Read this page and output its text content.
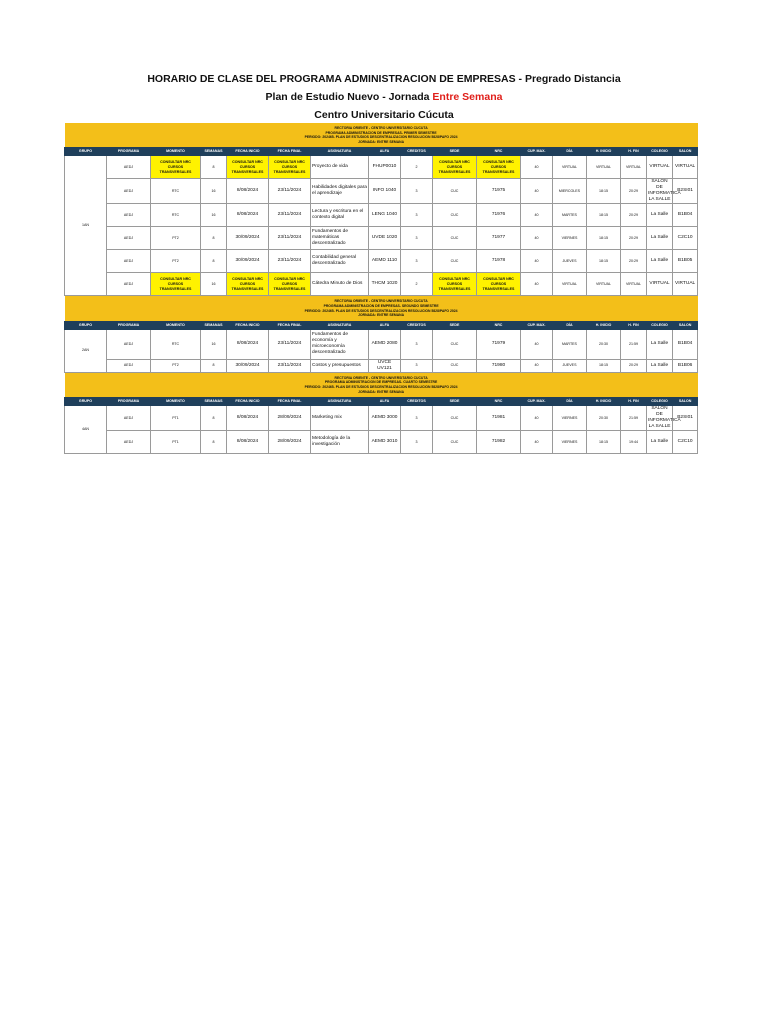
HORARIO DE CLASE DEL PROGRAMA ADMINISTRACION DE EMPRESAS - Pregrado Distancia
Plan de Estudio Nuevo - Jornada Entre Semana
Centro Universitario Cúcuta
RECTORIA ORIENTE - CENTRO UNIVERSITARIO CUCUTA
PROGRAMA ADMINISTRACION DE EMPRESAS- PRIMER SEMESTRE
PERIODO: 202465- PLAN DE ESTUDIOS DESCENTRALIZACION RESOLUCION 5828/PAFO 2024
JORNADA: ENTRE SEMANA																

GRUPO	PROGRAMA	MOMENTO	SEMANAS	FECHA INICIO	FECHA FINAL	ASIGNATURA	ALFA	CREDITOS	SEDE	NRC	CUP. MAX.	DÍA	H. INICIO	H. FIN	COLEGIO	SALON
1AN	AEDJ	CONSULTAR NRC CURSOS TRANSVERSALES	8	CONSULTAR NRC CURSOS TRANSVERSALES	CONSULTAR NRC CURSOS TRANSVERSALES	Proyecto de vida	FHUP0010	2	CONSULTAR NRC CURSOS TRANSVERSALES	CONSULTAR NRC CURSOS TRANSVERSALES	40	VIRTUAL	VIRTUAL	VIRTUAL	VIRTUAL	VIRTUAL
	AEDJ	RTC	16	8/08/2024	23/11/2024	Habilidades digitales para el aprendizaje	INFO 1040	3	CUC	71975	40	MIERCOLES	18:15	20:29	SALON DE INFORMATICA LA SALLE	B2SI01
	AEDJ	RTC	16	8/08/2024	23/11/2024	Lectura y escritura en el contexto digital	LENG 1040	3	CUC	71976	40	MARTES	18:15	20:29	La Salle	B1B04
	AEDJ	PT2	8	30/09/2024	23/11/2024	Fundamentos de matemáticas descentralizado	UVDE 1020	3	CUC	71977	40	VIERNES	18:15	20:29	La Salle	C2C10
	AEDJ	PT2	8	30/09/2024	23/11/2024	Contabilidad general descentralizado	AEMD 1110	3	CUC	71978	40	JUEVES	18:15	20:29	La Salle	B1B05
	AEDJ	CONSULTAR NRC CURSOS TRANSVERSALES	16	CONSULTAR NRC CURSOS TRANSVERSALES	CONSULTAR NRC CURSOS TRANSVERSALES	Cátedra Minuto de Dios	THCM 1020	2	CONSULTAR NRC CURSOS TRANSVERSALES	CONSULTAR NRC CURSOS TRANSVERSALES	40	VIRTUAL	VIRTUAL	VIRTUAL	VIRTUAL	VIRTUAL

RECTORIA ORIENTE - CENTRO UNIVERSITARIO CUCUTA
PROGRAMA ADMINISTRACION DE EMPRESAS- SEGUNDO SEMESTRE
PERIODO: 202465- PLAN DE ESTUDIOS DESCENTRALIZACION RESOLUCION 5828/PAFO 2024
JORNADA: ENTRE SEMANA																

GRUPO	PROGRAMA	MOMENTO	SEMANAS	FECHA INICIO	FECHA FINAL	ASIGNATURA	ALFA	CREDITOS	SEDE	NRC	CUP. MAX.	DÍA	H. INICIO	H. FIN	COLEGIO	SALON
2AN	AEDJ	RTC	16	8/08/2024	23/11/2024	Fundamentos de economía y microeconomía descentralizado	AEMD 2080	3	CUC	71979	40	MARTES	20:30	21:59	La Salle	B1B04
	AEDJ	PT2	8	30/09/2024	23/11/2024	Costos y presupuestos	UVCE UV121	3	CUC	71980	40	JUEVES	18:15	20:29	La Salle	B1B06

RECTORIA ORIENTE - CENTRO UNIVERSITARIO CUCUTA
PROGRAMA ADMINISTRACION DE EMPRESAS- CUARTO SEMESTRE
PERIODO: 202465- PLAN DE ESTUDIOS DESCENTRALIZACION RESOLUCION 5828/PAFO 2024
JORNADA: ENTRE SEMANA																

GRUPO	PROGRAMA	MOMENTO	SEMANAS	FECHA INICIO	FECHA FINAL	ASIGNATURA	ALFA	CREDITOS	SEDE	NRC	CUP. MAX.	DÍA	H. INICIO	H. FIN	COLEGIO	SALON
4AN	AEDJ	PT1	8	8/08/2024	28/09/2024	Marketing mix	AEMD 3000	3	CUC	71981	40	VIERNES	20:30	21:59	SALON DE INFORMATICA LA SALLE	B2SI01
	AEDJ	PT1	8	8/08/2024	28/09/2024	Metodología de la investigación	AEMD 3010	3	CUC	71982	40	VIERNES	18:15	19:44	La Salle	C2C10
